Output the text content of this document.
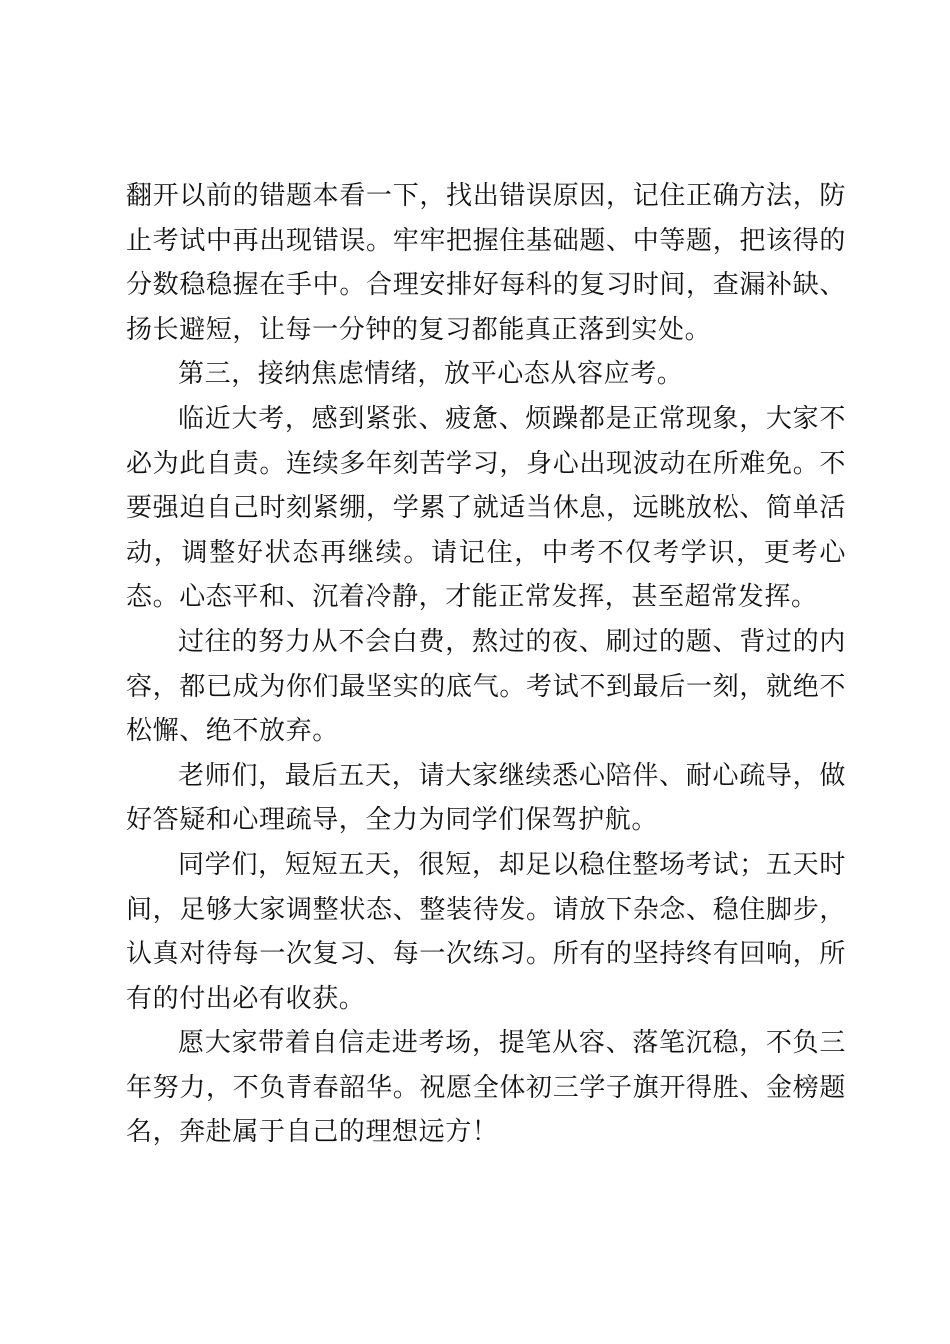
翻开以前的错题本看一下，找出错误原因，记住正确方法，防止考试中再出现错误。牢牢把握住基础题、中等题，把该得的分数稳稳握在手中。合理安排好每科的复习时间，查漏补缺、扬长避短，让每一分钟的复习都能真正落到实处。

第三，接纳焦虑情绪，放平心态从容应考。

临近大考，感到紧张、疲惫、烦躁都是正常现象，大家不必为此自责。连续多年刻苦学习，身心出现波动在所难免。不要强迫自己时刻紧绷，学累了就适当休息，远眺放松、简单活动，调整好状态再继续。请记住，中考不仅考学识，更考心态。心态平和、沉着冷静，才能正常发挥，甚至超常发挥。

过往的努力从不会白费，熬过的夜、刷过的题、背过的内容，都已成为你们最坚实的底气。考试不到最后一刻，就绝不松懈、绝不放弃。

老师们，最后五天，请大家继续悉心陪伴、耐心疏导，做好答疑和心理疏导，全力为同学们保驾护航。

同学们，短短五天，很短，却足以稳住整场考试；五天时间，足够大家调整状态、整装待发。请放下杂念、稳住脚步，认真对待每一次复习、每一次练习。所有的坚持终有回响，所有的付出必有收获。

愿大家带着自信走进考场，提笔从容、落笔沉稳，不负三年努力，不负青春韶华。祝愿全体初三学子旗开得胜、金榜题名，奔赴属于自己的理想远方！
